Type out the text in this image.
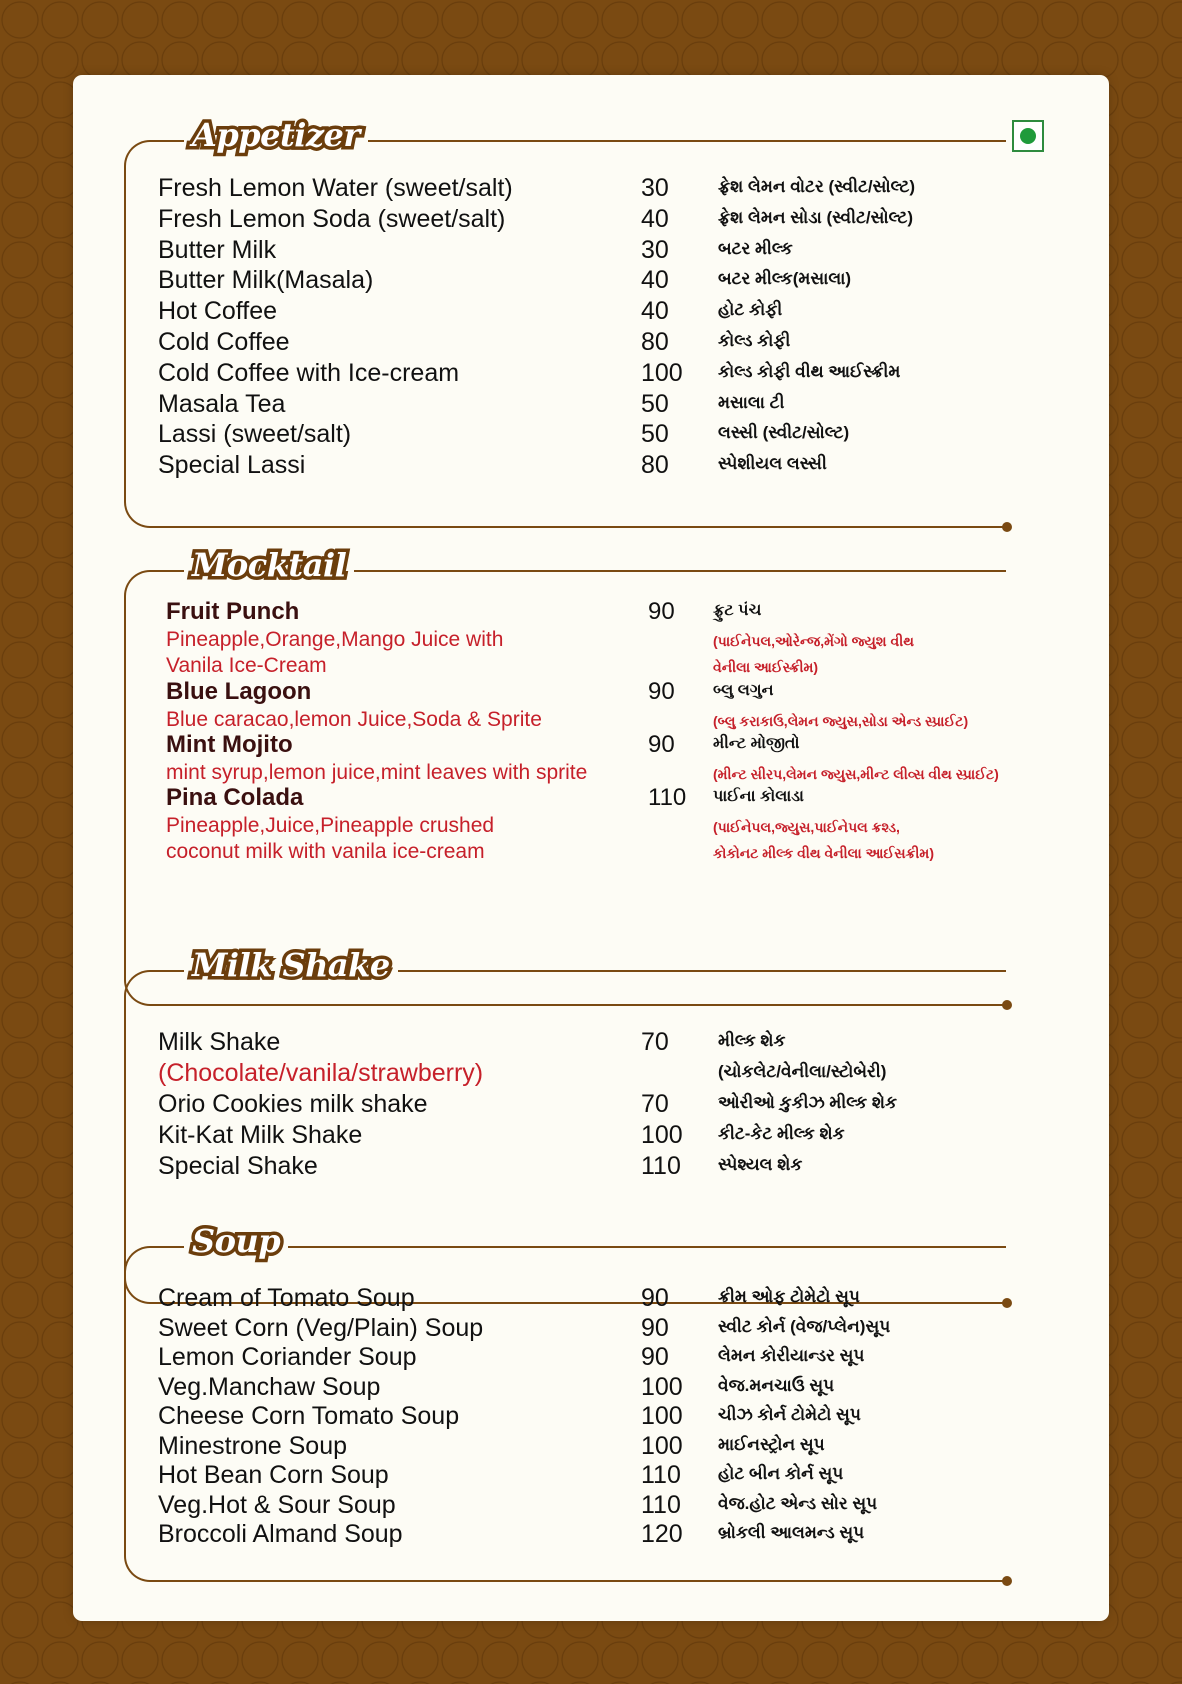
Appetizer
Fresh Lemon Water (sweet/salt)	30	ફ્રેશ લેમન વોટર (સ્વીટ/સોલ્ટ)
Fresh Lemon Soda (sweet/salt)	40	ફ્રેશ લેમન સોડા (સ્વીટ/સોલ્ટ)
Butter Milk	30	બટર મીલ્ક
Butter Milk(Masala)	40	બટર મીલ્ક(મસાલા)
Hot Coffee	40	હોટ કોફી
Cold Coffee	80	કોલ્ડ કોફી
Cold Coffee with Ice-cream	100 કોલ્ડ કોફી વીથ આઈસ્ક્રીમ
Masala Tea	50	મસાલા ટી
Lassi (sweet/salt)	50	લસ્સી (સ્વીટ/સોલ્ટ)
Special Lassi	80	સ્પેશીયલ લસ્સી
Mocktail
Fruit Punch	90 ફ્રુટ પંચ
Pineapple,Orange,Mango Juice with
Vanila Ice-Cream
(પાઈનેપલ,ઓરેન્જ,મેંગો જ્યુશ વીથ
વેનીલા આઈસ્ક્રીમ)
Blue Lagoon	90 બ્લુ લગુન
Blue caracao,lemon Juice,Soda & Sprite	(બ્લુ કરાકાઉ,લેમન જ્યુસ,સોડા એન્ડ સ્પ્રાઈટ)
Mint Mojito	90 મીન્ટ મોજીતો
mint syrup,lemon juice,mint leaves with sprite	(મીન્ટ સીરપ,લેમન જ્યુસ,મીન્ટ લીવ્સ વીથ સ્પ્રાઈટ)
Pina Colada	110 પાઈના કોલાડા
Pineapple,Juice,Pineapple crushed
coconut milk with vanila ice-cream
(પાઈનેપલ,જ્યુસ,પાઈનેપલ ક્રશ્ડ,
કોકોનટ મીલ્ક વીથ વેનીલા આઈસક્રીમ)
Milk Shake
Milk Shake	70	મીલ્ક શેક
(Chocolate/vanila/strawberry)	(ચોકલેટ/વેનીલા/સ્ટોબેરી)
Orio Cookies milk shake	70	ઓરીઓ કુકીઝ મીલ્ક શેક
Kit-Kat Milk Shake	100 કીટ-કેટ મીલ્ક શેક
Special Shake	110 સ્પેશ્યલ શેક
Soup
Cream of Tomato Soup	90	ક્રીમ ઓફ ટોમેટો સૂપ
Sweet Corn (Veg/Plain) Soup	90	સ્વીટ કોર્ન (વેજ/પ્લેન)સૂપ
Lemon Coriander Soup	90	લેમન કોરીયાન્ડર સૂપ
Veg.Manchaw Soup	100 વેજ.મનચાઉ સૂપ
Cheese Corn Tomato Soup	100 ચીઝ કોર્ન ટોમેટો સૂપ
Minestrone Soup	100 માઈનસ્ટ્રોન સૂપ
Hot Bean Corn Soup	110 હોટ બીન કોર્ન સૂપ
Veg.Hot & Sour Soup	110 વેજ.હોટ એન્ડ સોર સૂપ
Broccoli Almand Soup	120 બ્રોકલી આલમન્ડ સૂપ
